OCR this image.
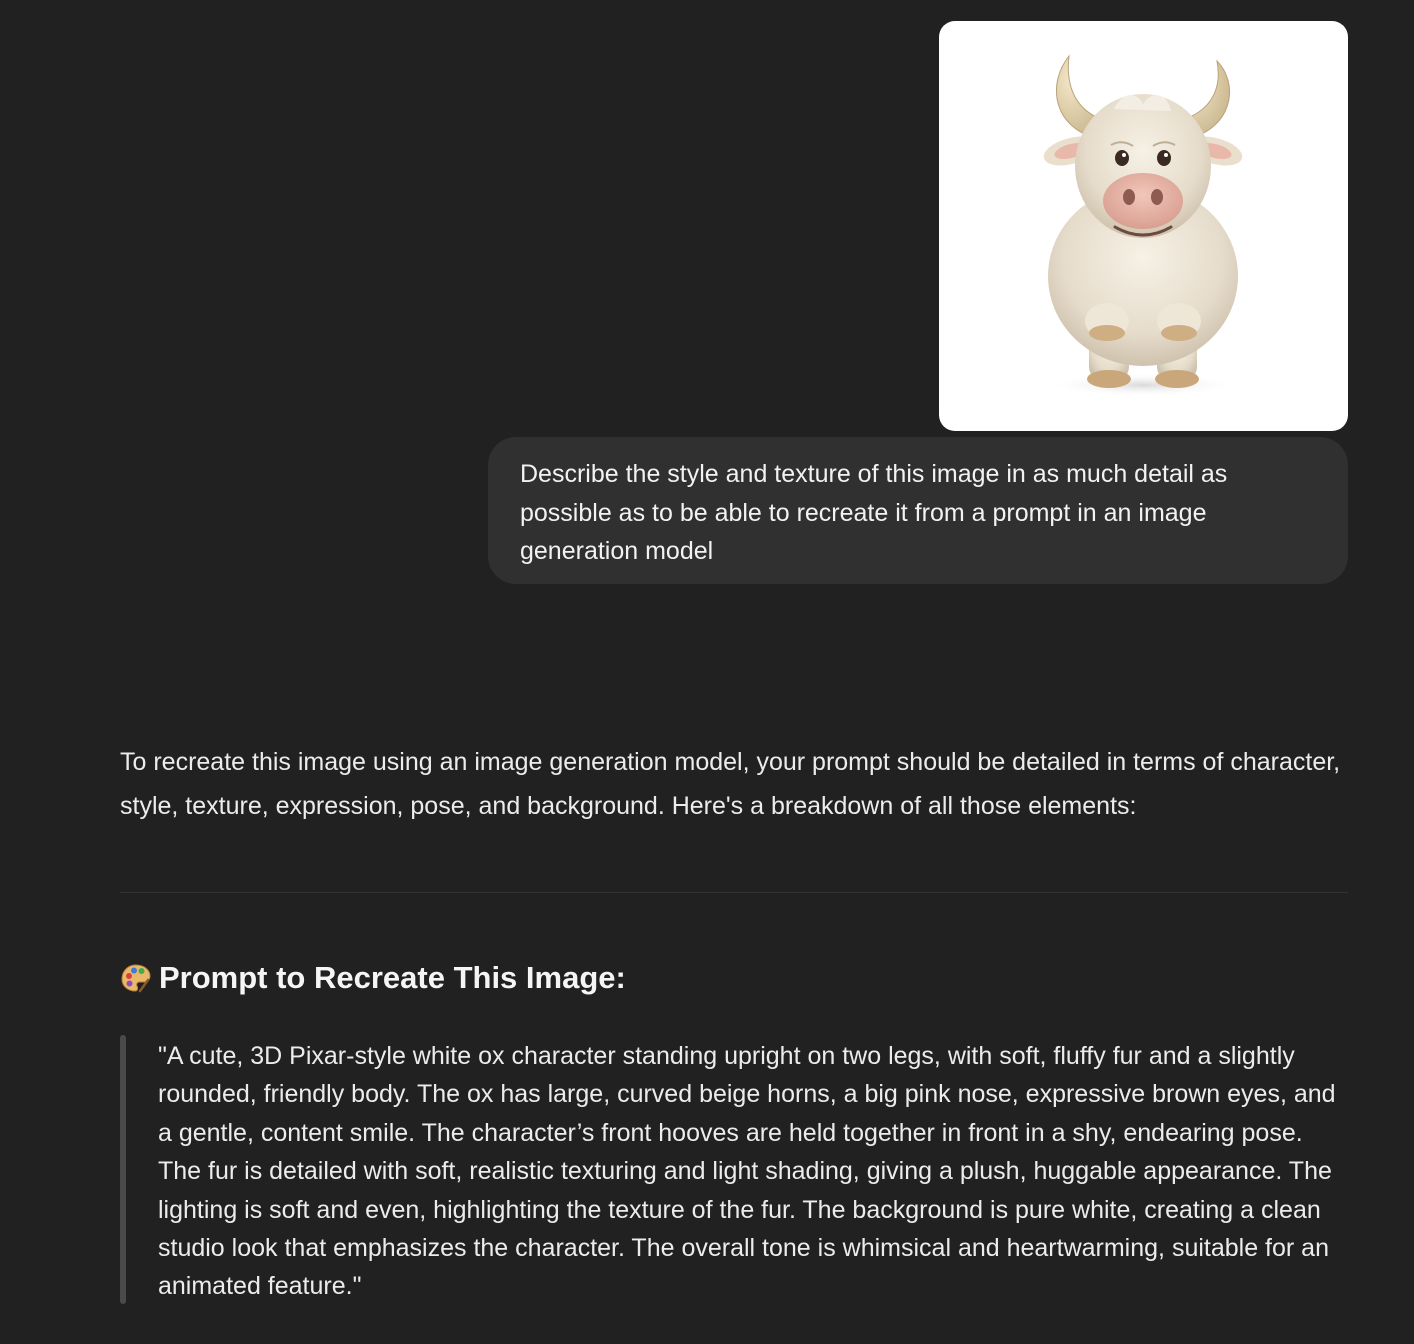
Describe the style and texture of this image in as much detail as possible as to be able to recreate it from a prompt in an image generation model

To recreate this image using an image generation model, your prompt should be detailed in terms of character, style, texture, expression, pose, and background. Here's a breakdown of all those elements:

Prompt to Recreate This Image:

"A cute, 3D Pixar-style white ox character standing upright on two legs, with soft, fluffy fur and a slightly rounded, friendly body. The ox has large, curved beige horns, a big pink nose, expressive brown eyes, and a gentle, content smile. The character’s front hooves are held together in front in a shy, endearing pose. The fur is detailed with soft, realistic texturing and light shading, giving a plush, huggable appearance. The lighting is soft and even, highlighting the texture of the fur. The background is pure white, creating a clean studio look that emphasizes the character. The overall tone is whimsical and heartwarming, suitable for an animated feature."
